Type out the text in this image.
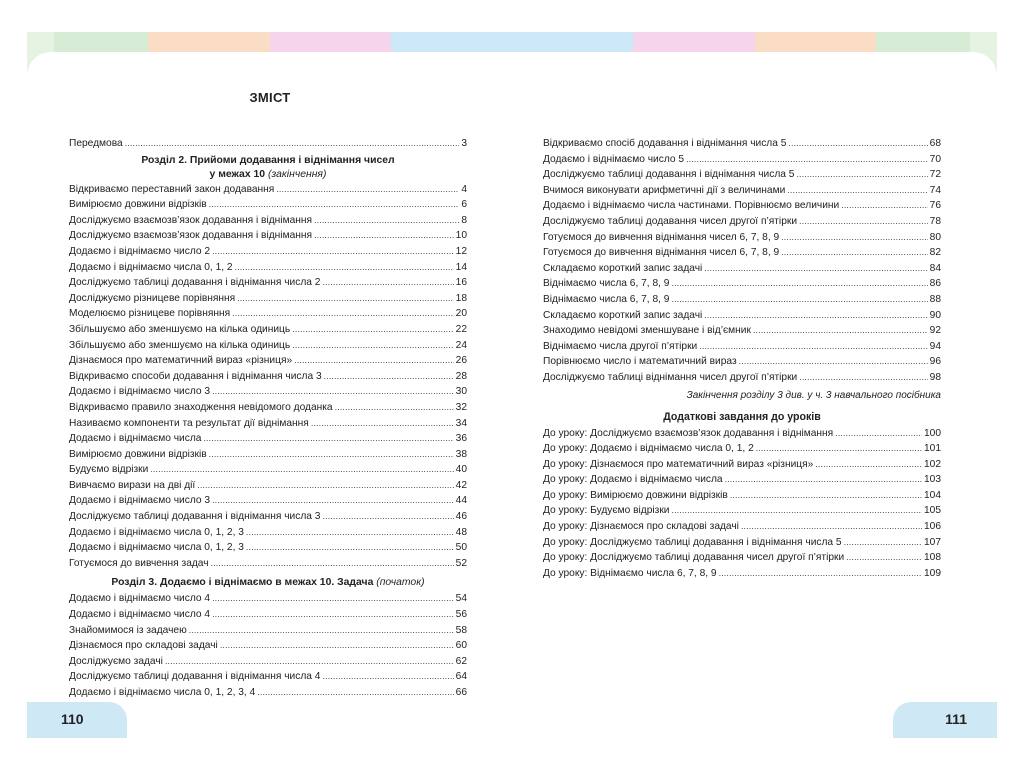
ЗМІСТ
Передмова . . .	3
Розділ 2. Прийоми додавання і віднімання чисел
у межах 10 (закінчення)
Відкриваємо переставний закон додавання . . .	4
Вимірюємо довжини відрізків . . .	6
Досліджуємо взаємозв’язок додавання і віднімання . . .	8
Досліджуємо взаємозв’язок додавання і віднімання . . .	10
Додаємо і віднімаємо число 2 . . .	12
Додаємо і віднімаємо числа 0, 1, 2 . . .	14
Досліджуємо таблиці додавання і віднімання числа 2 . . .	16
Досліджуємо різницеве порівняння . . .	18
Моделюємо різницеве порівняння . . .	20
Збільшуємо або зменшуємо на кілька одиниць . . .	22
Збільшуємо або зменшуємо на кілька одиниць . . .	24
Дізнаємося про математичний вираз «різниця» . . .	26
Відкриваємо способи додавання і віднімання числа 3 . . .	28
Додаємо і віднімаємо число 3 . . .	30
Відкриваємо правило знаходження невідомого доданка . . .	32
Називаємо компоненти та результат дії віднімання . . .	34
Додаємо і віднімаємо числа . . .	36
Вимірюємо довжини відрізків . . .	38
Будуємо відрізки . . .	40
Вивчаємо вирази на дві дії . . .	42
Додаємо і віднімаємо число 3 . . .	44
Досліджуємо таблиці додавання і віднімання числа 3 . . .	46
Додаємо і віднімаємо числа 0, 1, 2, 3 . . .	48
Додаємо і віднімаємо числа 0, 1, 2, 3 . . .	50
Готуємося до вивчення задач . . .	52
Розділ 3. Додаємо і віднімаємо в межах 10. Задача (початок)
Додаємо і віднімаємо число 4 . . .	54
Додаємо і віднімаємо число 4 . . .	56
Знайомимося із задачею . . .	58
Дізнаємося про складові задачі . . .	60
Досліджуємо задачі . . .	62
Досліджуємо таблиці додавання і віднімання числа 4 . . .	64
Додаємо і віднімаємо числа 0, 1, 2, 3, 4 . . .	66
Відкриваємо спосіб додавання і віднімання числа 5 . . .	68
Додаємо і віднімаємо число 5 . . .	70
Досліджуємо таблиці додавання і віднімання числа 5 . . .	72
Вчимося виконувати арифметичні дії з величинами . . .	74
Додаємо і віднімаємо числа частинами. Порівнюємо величини . . .	76
Досліджуємо таблиці додавання чисел другої п’ятірки . . .	78
Готуємося до вивчення віднімання чисел 6, 7, 8, 9 . . .	80
Готуємося до вивчення віднімання чисел 6, 7, 8, 9 . . .	82
Складаємо короткий запис задачі . . .	84
Віднімаємо числа 6, 7, 8, 9 . . .	86
Віднімаємо числа 6, 7, 8, 9 . . .	88
Складаємо короткий запис задачі . . .	90
Знаходимо невідомі зменшуване і від’ємник . . .	92
Віднімаємо числа другої п’ятірки . . .	94
Порівнюємо число і математичний вираз . . .	96
Досліджуємо таблиці віднімання чисел другої п’ятірки . . .	98
Закінчення розділу 3 див. у ч. 3 навчального посібника
Додаткові завдання до уроків
До уроку: Досліджуємо взаємозв’язок додавання і віднімання . . .	100
До уроку: Додаємо і віднімаємо числа 0, 1, 2 . . .	101
До уроку: Дізнаємося про математичний вираз «різниця» . . .	102
До уроку: Додаємо і віднімаємо числа . . .	103
До уроку: Вимірюємо довжини відрізків . . .	104
До уроку: Будуємо відрізки . . .	105
До уроку: Дізнаємося про складові задачі . . .	106
До уроку: Досліджуємо таблиці додавання і віднімання числа 5 . . .	107
До уроку: Досліджуємо таблиці додавання чисел другої п’ятірки . . .	108
До уроку: Віднімаємо числа 6, 7, 8, 9 . . .	109
110	111
